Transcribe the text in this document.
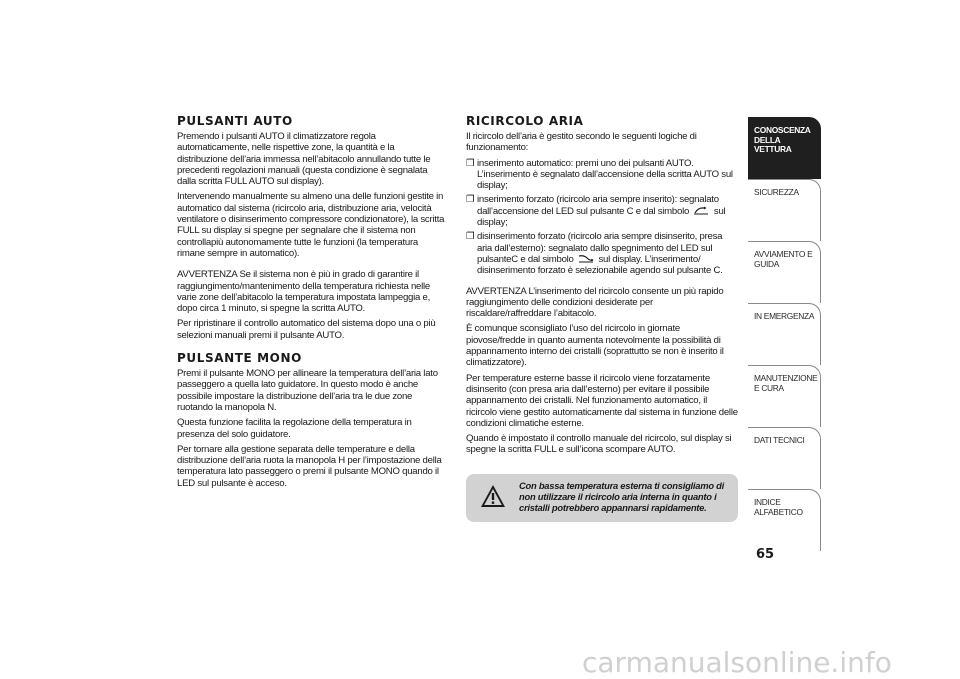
PULSANTI AUTO

Premendo i pulsanti AUTO il climatizzatore regola automaticamente, nelle rispettive zone, la quantità e la distribuzione dell’aria immessa nell’abitacolo annullando tutte le precedenti regolazioni manuali (questa condizione è segnalata dalla scritta FULL AUTO sul display).

Intervenendo manualmente su almeno una delle funzioni gestite in automatico dal sistema (ricircolo aria, distribuzione aria, velocità ventilatore o disinserimento compressore condizionatore), la scritta FULL su display si spegne per segnalare che il sistema non controllapiù autonomamente tutte le funzioni (la temperatura rimane sempre in automatico).

AVVERTENZA Se il sistema non è più in grado di garantire il raggiungimento/mantenimento della temperatura richiesta nelle varie zone dell’abitacolo la temperatura impostata lampeggia e, dopo circa 1 minuto, si spegne la scritta AUTO.

Per ripristinare il controllo automatico del sistema dopo una o più selezioni manuali premi il pulsante AUTO.

PULSANTE MONO

Premi il pulsante MONO per allineare la temperatura dell’aria lato passeggero a quella lato guidatore. In questo modo è anche possibile impostare la distribuzione dell’aria tra le due zone ruotando la manopola N.

Questa funzione facilita la regolazione della temperatura in presenza del solo guidatore.

Per tornare alla gestione separata delle temperature e della distribuzione dell’aria ruota la manopola H per l’impostazione della temperatura lato passeggero o premi il pulsante MONO quando il LED sul pulsante è acceso.

RICIRCOLO ARIA

Il ricircolo dell’aria è gestito secondo le seguenti logiche di funzionamento:

❒ inserimento automatico: premi uno dei pulsanti AUTO. L’inserimento è segnalato dall’accensione della scritta AUTO sul display;
❒ inserimento forzato (ricircolo aria sempre inserito): segnalato dall’accensione del LED sul pulsante C e dal simbolo	sul display;
❒ disinserimento forzato (ricircolo aria sempre disinserito, presa aria dall’esterno): segnalato dallo spegnimento del LED sul pulsanteC e dal simbolo	sul display. L’inserimento/ disinserimento forzato è selezionabile agendo sul pulsante C.

AVVERTENZA L’inserimento del ricircolo consente un più rapido raggiungimento delle condizioni desiderate per riscaldare/raffreddare l’abitacolo.

È comunque sconsigliato l’uso del ricircolo in giornate piovose/fredde in quanto aumenta notevolmente la possibilità di appannamento interno dei cristalli (soprattutto se non è inserito il climatizzatore).

Per temperature esterne basse il ricircolo viene forzatamente disinserito (con presa aria dall’esterno) per evitare il possibile appannamento dei cristalli. Nel funzionamento automatico, il ricircolo viene gestito automaticamente dal sistema in funzione delle condizioni climatiche esterne.

Quando è impostato il controllo manuale del ricircolo, sul display si spegne la scritta FULL e sull’icona scompare AUTO.

Con bassa temperatura esterna ti consigliamo di non utilizzare il ricircolo aria interna in quanto i cristalli potrebbero appannarsi rapidamente.
CONOSCENZA DELLA VETTURA
SICUREZZA
AVVIAMENTO E GUIDA
IN EMERGENZA
MANUTENZIONE E CURA
DATI TECNICI
INDICE ALFABETICO
65
carmanualsonline.info
